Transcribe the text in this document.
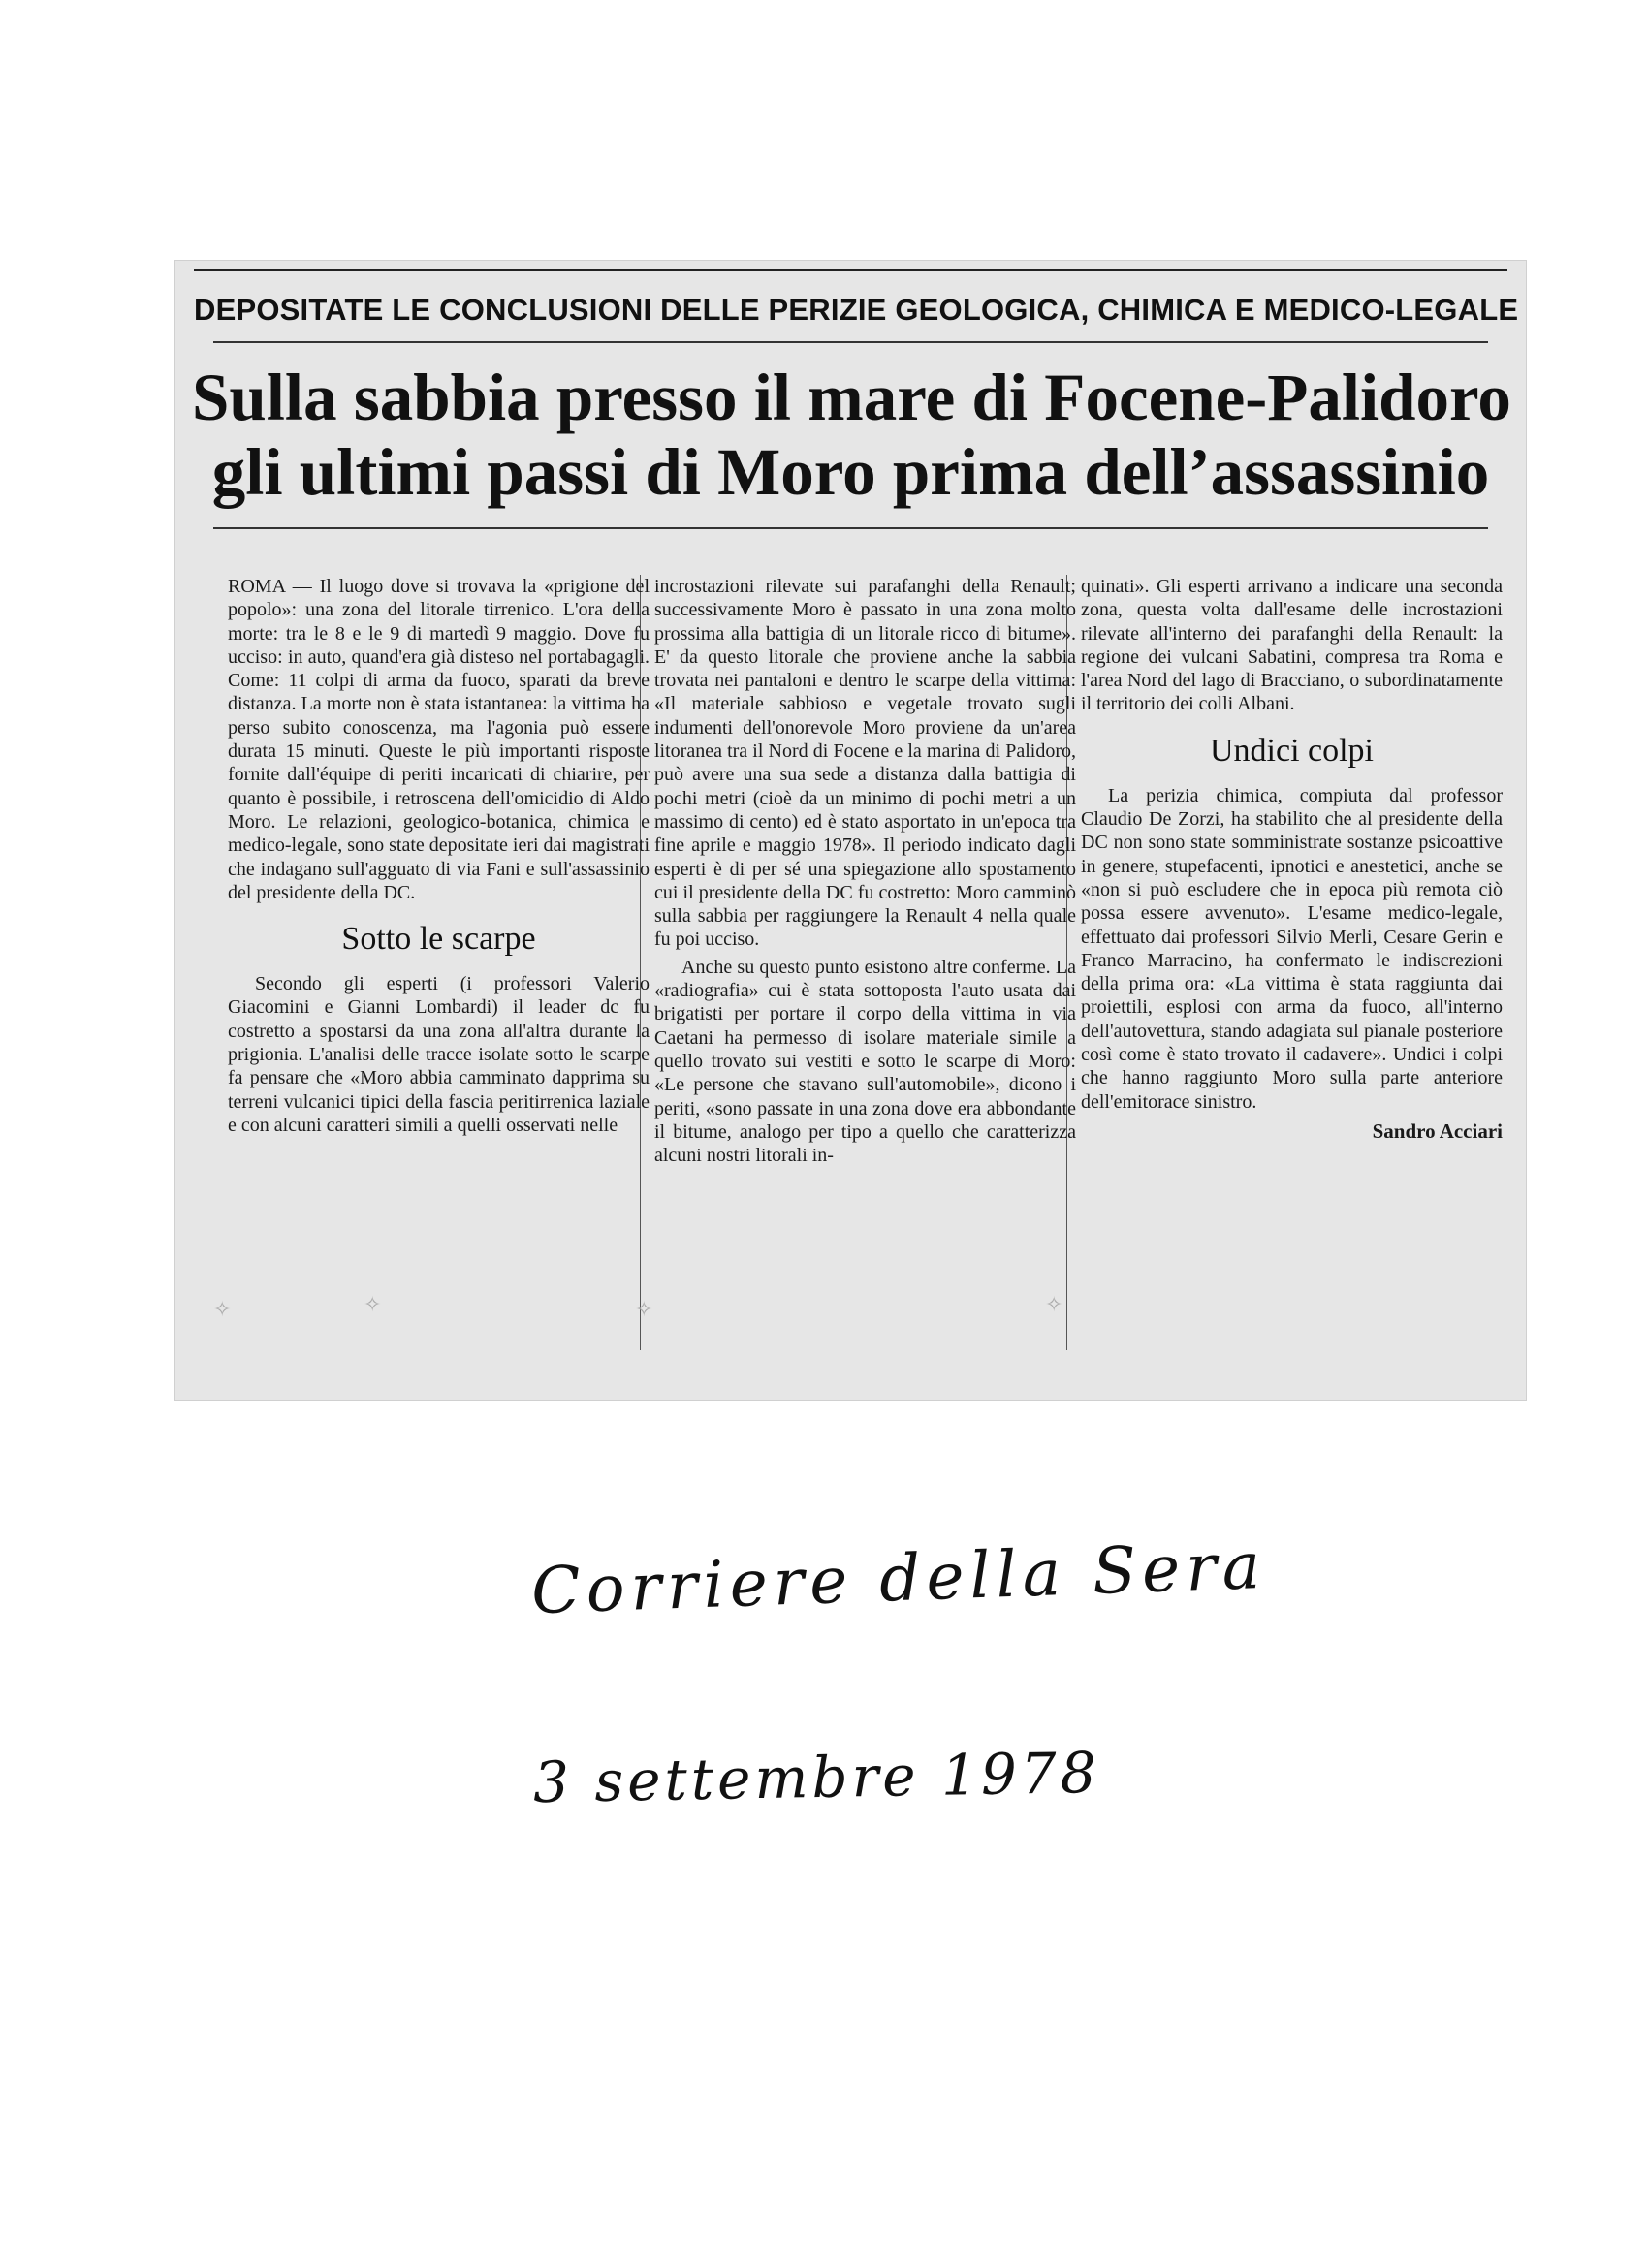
DEPOSITATE LE CONCLUSIONI DELLE PERIZIE GEOLOGICA, CHIMICA E MEDICO-LEGALE
Sulla sabbia presso il mare di Focene-Palidoro
gli ultimi passi di Moro prima dell’assassinio

ROMA — Il luogo dove si trovava la «prigione del popolo»: una zona del litorale tirrenico. L'ora della morte: tra le 8 e le 9 di martedì 9 maggio. Dove fu ucciso: in auto, quand'era già disteso nel portabagagli. Come: 11 colpi di arma da fuoco, sparati da breve distanza. La morte non è stata istantanea: la vittima ha perso subito conoscenza, ma l'agonia può essere durata 15 minuti. Queste le più importanti risposte fornite dall'équipe di periti incaricati di chiarire, per quanto è possibile, i retroscena dell'omicidio di Aldo Moro. Le relazioni, geologico-botanica, chimica e medico-legale, sono state depositate ieri dai magistrati che indagano sull'agguato di via Fani e sull'assassinio del presidente della DC.

Sotto le scarpe

Secondo gli esperti (i professori Valerio Giacomini e Gianni Lombardi) il leader dc fu costretto a spostarsi da una zona all'altra durante la prigionia. L'analisi delle tracce isolate sotto le scarpe fa pensare che «Moro abbia camminato dapprima su terreni vulcanici tipici della fascia peritirrenica laziale e con alcuni caratteri simili a quelli osservati nelle

incrostazioni rilevate sui parafanghi della Renault; successivamente Moro è passato in una zona molto prossima alla battigia di un litorale ricco di bitume». E' da questo litorale che proviene anche la sabbia trovata nei pantaloni e dentro le scarpe della vittima: «Il materiale sabbioso e vegetale trovato sugli indumenti dell'onorevole Moro proviene da un'area litoranea tra il Nord di Focene e la marina di Palidoro, può avere una sua sede a distanza dalla battigia di pochi metri (cioè da un minimo di pochi metri a un massimo di cento) ed è stato asportato in un'epoca tra fine aprile e maggio 1978». Il periodo indicato dagli esperti è di per sé una spiegazione allo spostamento cui il presidente della DC fu costretto: Moro camminò sulla sabbia per raggiungere la Renault 4 nella quale fu poi ucciso.

Anche su questo punto esistono altre conferme. La «radiografia» cui è stata sottoposta l'auto usata dai brigatisti per portare il corpo della vittima in via Caetani ha permesso di isolare materiale simile a quello trovato sui vestiti e sotto le scarpe di Moro: «Le persone che stavano sull'automobile», dicono i periti, «sono passate in una zona dove era abbondante il bitume, analogo per tipo a quello che caratterizza alcuni nostri litorali in-

quinati». Gli esperti arrivano a indicare una seconda zona, questa volta dall'esame delle incrostazioni rilevate all'interno dei parafanghi della Renault: la regione dei vulcani Sabatini, compresa tra Roma e l'area Nord del lago di Bracciano, o subordinatamente il territorio dei colli Albani.

Undici colpi

La perizia chimica, compiuta dal professor Claudio De Zorzi, ha stabilito che al presidente della DC non sono state somministrate sostanze psicoattive in genere, stupefacenti, ipnotici e anestetici, anche se «non si può escludere che in epoca più remota ciò possa essere avvenuto». L'esame medico-legale, effettuato dai professori Silvio Merli, Cesare Gerin e Franco Marracino, ha confermato le indiscrezioni della prima ora: «La vittima è stata raggiunta dai proiettili, esplosi con arma da fuoco, all'interno dell'autovettura, stando adagiata sul pianale posteriore così come è stato trovato il cadavere». Undici i colpi che hanno raggiunto Moro sulla parte anteriore dell'emitorace sinistro.

Sandro Acciari
✧	✧	✧	✧
Corriere della Sera
3 settembre 1978
